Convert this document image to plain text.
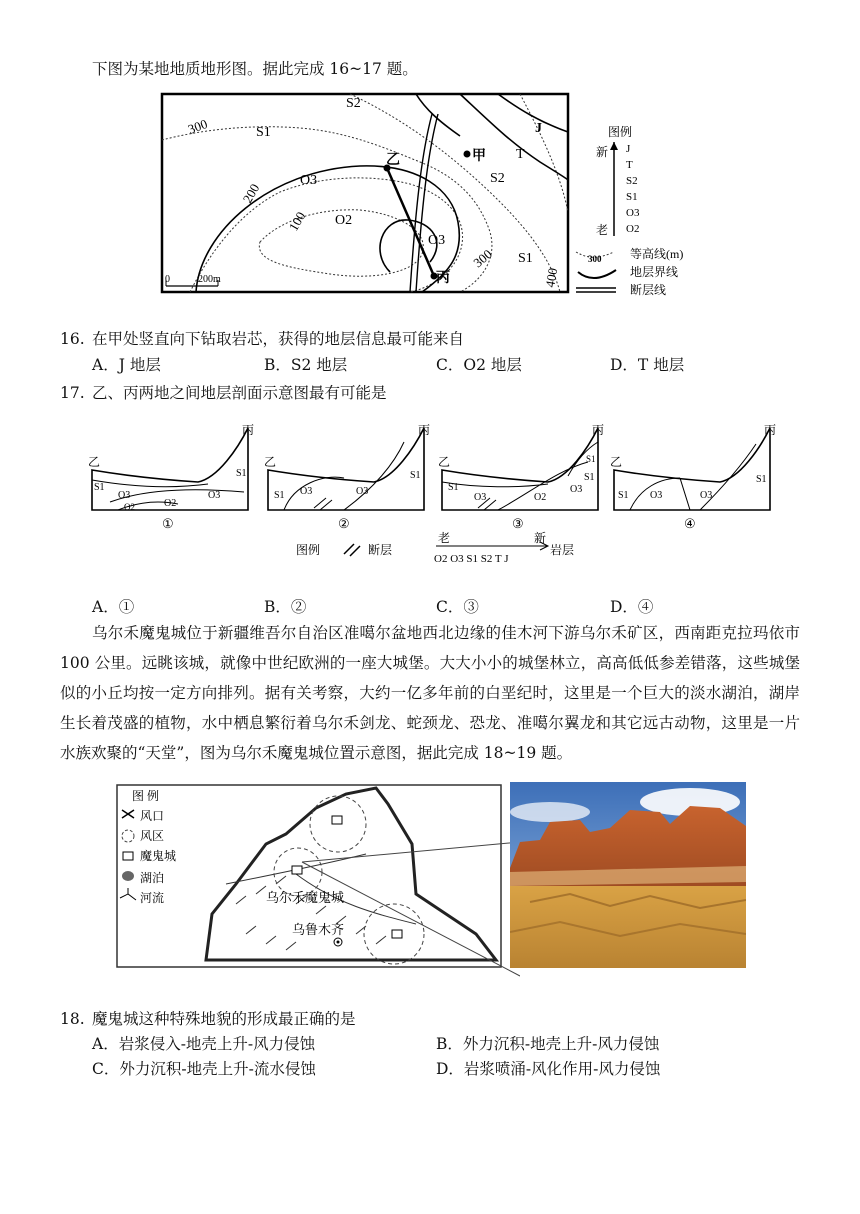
下图为某地地质地形图。据此完成 16~17 题。
S2
S1	J
甲 T
S2
乙
O3
O2
O3
S1
丙
300
200
100
300
400
0	200m
图例
新
老
J
T
S2
S1
O3
O2
300 等高线(m)
地层界线
断层线
16. 在甲处竖直向下钻取岩芯，获得的地层信息最可能来自
A．J 地层	B．S2 地层	C．O2 地层	D．T 地层
17. 乙、丙两地之间地层剖面示意图最有可能是
乙
丙
S1
S1
O3	O3
O2	O2
①
乙
丙
S1
S1
O3	O3
②
乙
丙
S1
S1
S1
O3
O3
O2
③
乙
丙
S1
S1
O3	O3
④
图例	断层
老	新
O2 O3 S1 S2 T J
岩层
A．①	B．②	C．③	D．④
乌尔禾魔鬼城位于新疆维吾尔自治区准噶尔盆地西北边缘的佳木河下游乌尔禾矿区，西南距克拉玛依市 100 公里。远眺该城，就像中世纪欧洲的一座大城堡。大大小小的城堡林立，高高低低参差错落，这些城堡似的小丘均按一定方向排列。据有关考察，大约一亿多年前的白垩纪时，这里是一个巨大的淡水湖泊，湖岸生长着茂盛的植物，水中栖息繁衍着乌尔禾剑龙、蛇颈龙、恐龙、准噶尔翼龙和其它远古动物，这里是一片水族欢聚的“天堂”，图为乌尔禾魔鬼城位置示意图，据此完成 18~19 题。
乌尔禾魔鬼城
乌鲁木齐
图 例
风口
风区
魔鬼城
湖泊
河流
18. 魔鬼城这种特殊地貌的形成最正确的是
A．岩浆侵入-地壳上升-风力侵蚀	B．外力沉积-地壳上升-风力侵蚀
C．外力沉积-地壳上升-流水侵蚀	D．岩浆喷涌-风化作用-风力侵蚀
